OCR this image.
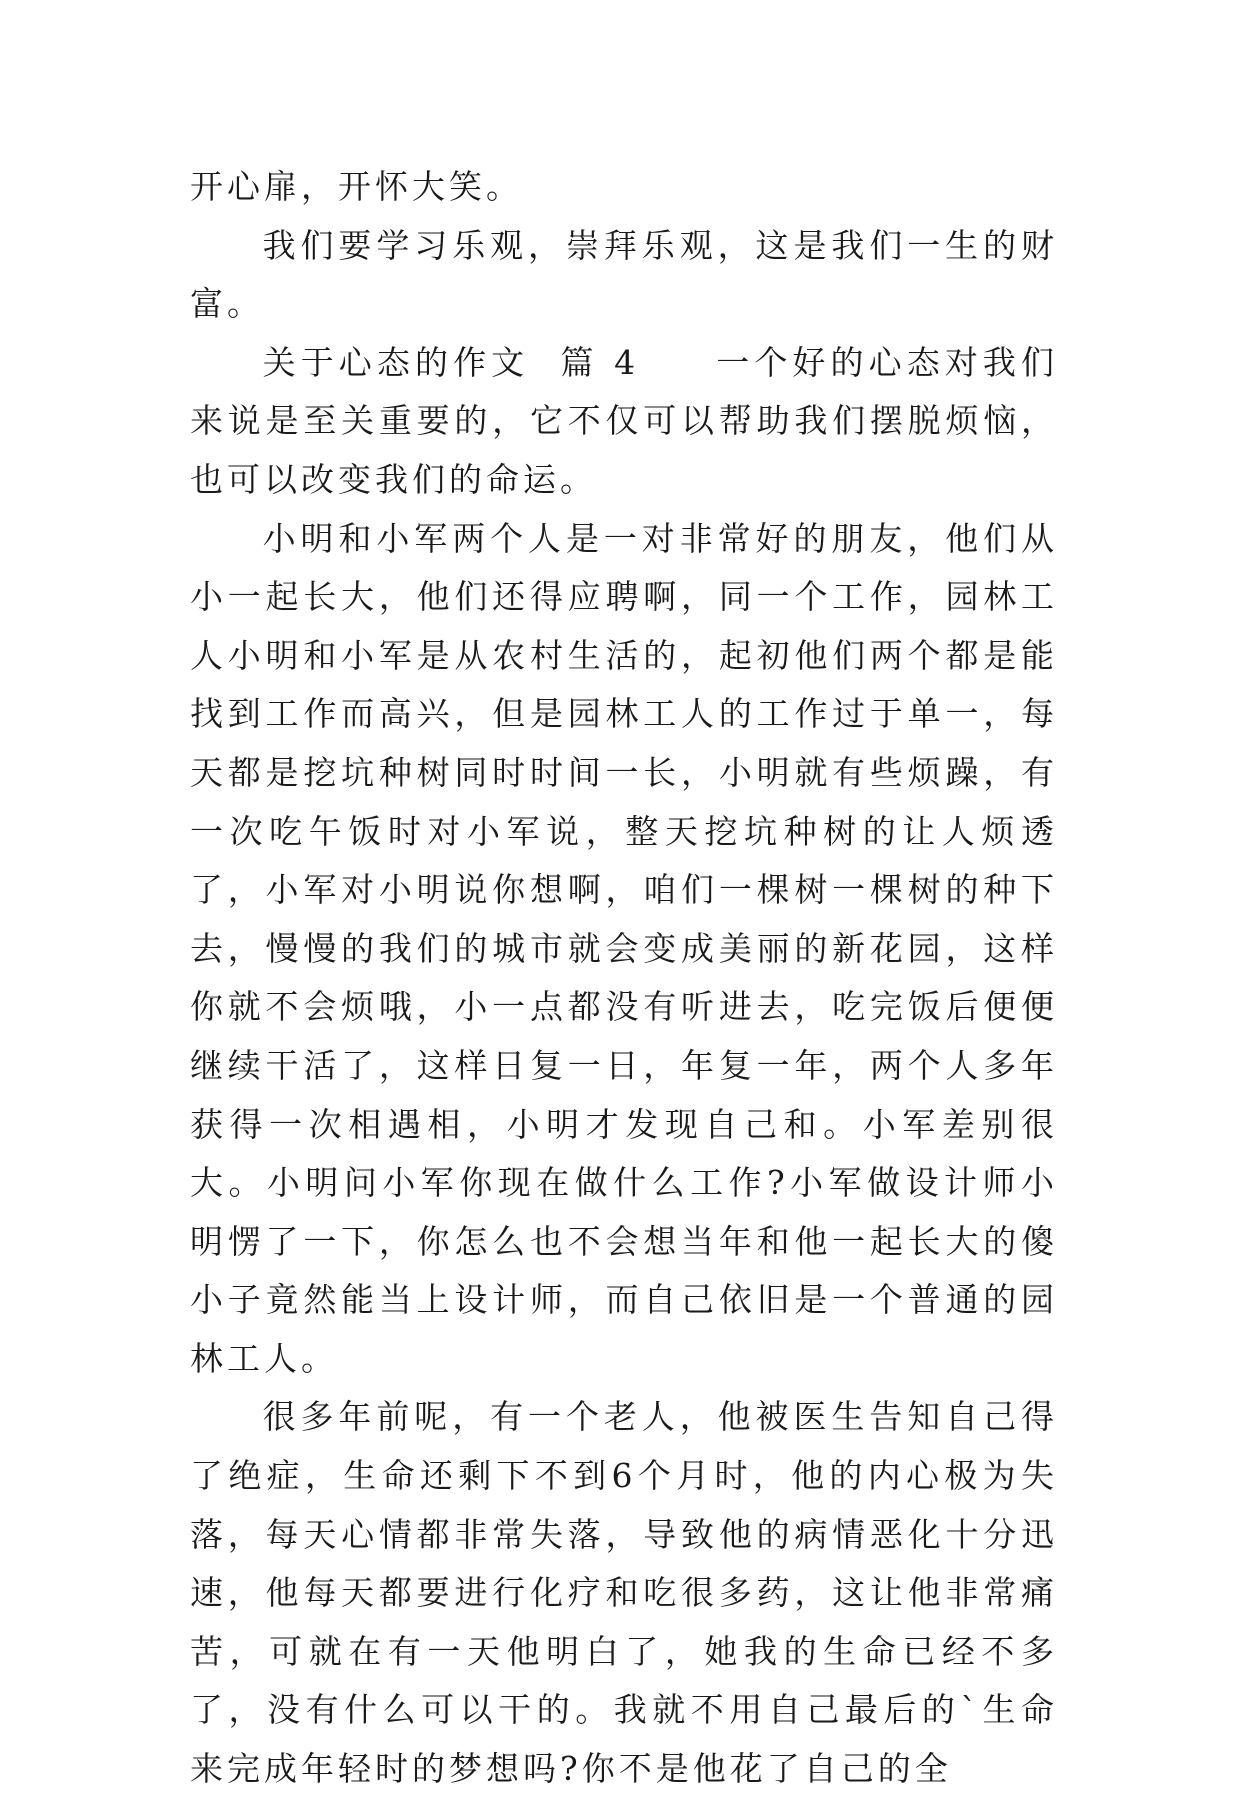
开心扉，开怀大笑。

我们要学习乐观，崇拜乐观，这是我们一生的财富。

关于心态的作文 篇 4 一个好的心态对我们来说是至关重要的，它不仅可以帮助我们摆脱烦恼，也可以改变我们的命运。

小明和小军两个人是一对非常好的朋友，他们从小一起长大，他们还得应聘啊，同一个工作，园林工人小明和小军是从农村生活的，起初他们两个都是能找到工作而高兴，但是园林工人的工作过于单一，每天都是挖坑种树同时时间一长，小明就有些烦躁，有一次吃午饭时对小军说，整天挖坑种树的让人烦透了，小军对小明说你想啊，咱们一棵树一棵树的种下去，慢慢的我们的城市就会变成美丽的新花园，这样你就不会烦哦，小一点都没有听进去，吃完饭后便便继续干活了，这样日复一日，年复一年，两个人多年获得一次相遇相，小明才发现自己和。小军差别很大。小明问小军你现在做什么工作?小军做设计师小明愣了一下，你怎么也不会想当年和他一起长大的傻小子竟然能当上设计师，而自己依旧是一个普通的园林工人。

很多年前呢，有一个老人，他被医生告知自己得了绝症，生命还剩下不到6个月时，他的内心极为失落，每天心情都非常失落，导致他的病情恶化十分迅速，他每天都要进行化疗和吃很多药，这让他非常痛苦，可就在有一天他明白了，她我的生命已经不多了，没有什么可以干的。我就不用自己最后的`生命来完成年轻时的梦想吗?你不是他花了自己的全
